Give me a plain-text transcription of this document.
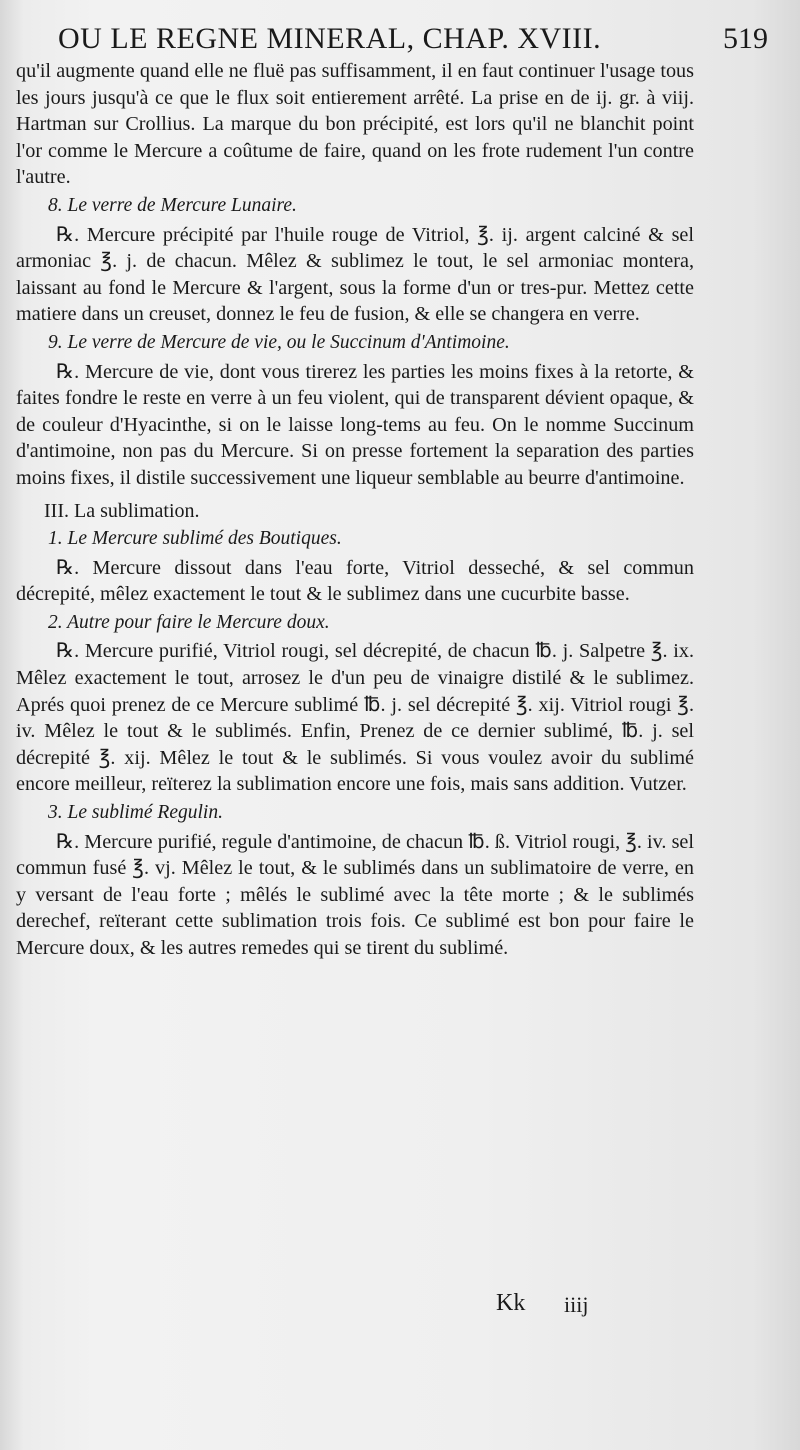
OU LE REGNE MINERAL, CHAP. XVIII.	519

qu'il augmente quand elle ne fluë pas suffisamment, il en faut continuer l'usage tous les jours jusqu'à ce que le flux soit entierement arrêté. La prise en de ij. gr. à viij. Hartman sur Crollius. La marque du bon précipité, est lors qu'il ne blanchit point l'or comme le Mercure a coûtume de faire, quand on les frote rudement l'un contre l'autre.

8. Le verre de Mercure Lunaire.

℞. Mercure précipité par l'huile rouge de Vitriol, ℥. ij. argent calciné & sel armoniac ℥. j. de chacun. Mêlez & sublimez le tout, le sel armoniac montera, laissant au fond le Mercure & l'argent, sous la forme d'un or tres-pur. Mettez cette matiere dans un creuset, donnez le feu de fusion, & elle se changera en verre.

9. Le verre de Mercure de vie, ou le Succinum d'Antimoine.

℞. Mercure de vie, dont vous tirerez les parties les moins fixes à la retorte, & faites fondre le reste en verre à un feu violent, qui de transparent dévient opaque, & de couleur d'Hyacinthe, si on le laisse long-tems au feu. On le nomme Succinum d'antimoine, non pas du Mercure. Si on presse fortement la separation des parties moins fixes, il distile successivement une liqueur semblable au beurre d'antimoine.

III. La sublimation.
1. Le Mercure sublimé des Boutiques.

℞. Mercure dissout dans l'eau forte, Vitriol desseché, & sel commun décrepité, mêlez exactement le tout & le sublimez dans une cucurbite basse.

2. Autre pour faire le Mercure doux.

℞. Mercure purifié, Vitriol rougi, sel décrepité, de chacun ℔. j. Salpetre ℥. ix. Mêlez exactement le tout, arrosez le d'un peu de vinaigre distilé & le sublimez. Aprés quoi prenez de ce Mercure sublimé ℔. j. sel décrepité ℥. xij. Vitriol rougi ℥. iv. Mêlez le tout & le sublimés. Enfin, Prenez de ce dernier sublimé, ℔. j. sel décrepité ℥. xij. Mêlez le tout & le sublimés. Si vous voulez avoir du sublimé encore meilleur, reïterez la sublimation encore une fois, mais sans addition. Vutzer.

3. Le sublimé Regulin.

℞. Mercure purifié, regule d'antimoine, de chacun ℔. ß. Vitriol rougi, ℥. iv. sel commun fusé ℥. vj. Mêlez le tout, & le sublimés dans un sublimatoire de verre, en y versant de l'eau forte ; mêlés le sublimé avec la tête morte ; & le sublimés derechef, reïterant cette sublimation trois fois. Ce sublimé est bon pour faire le Mercure doux, & les autres remedes qui se tirent du sublimé.

Kk iiij
